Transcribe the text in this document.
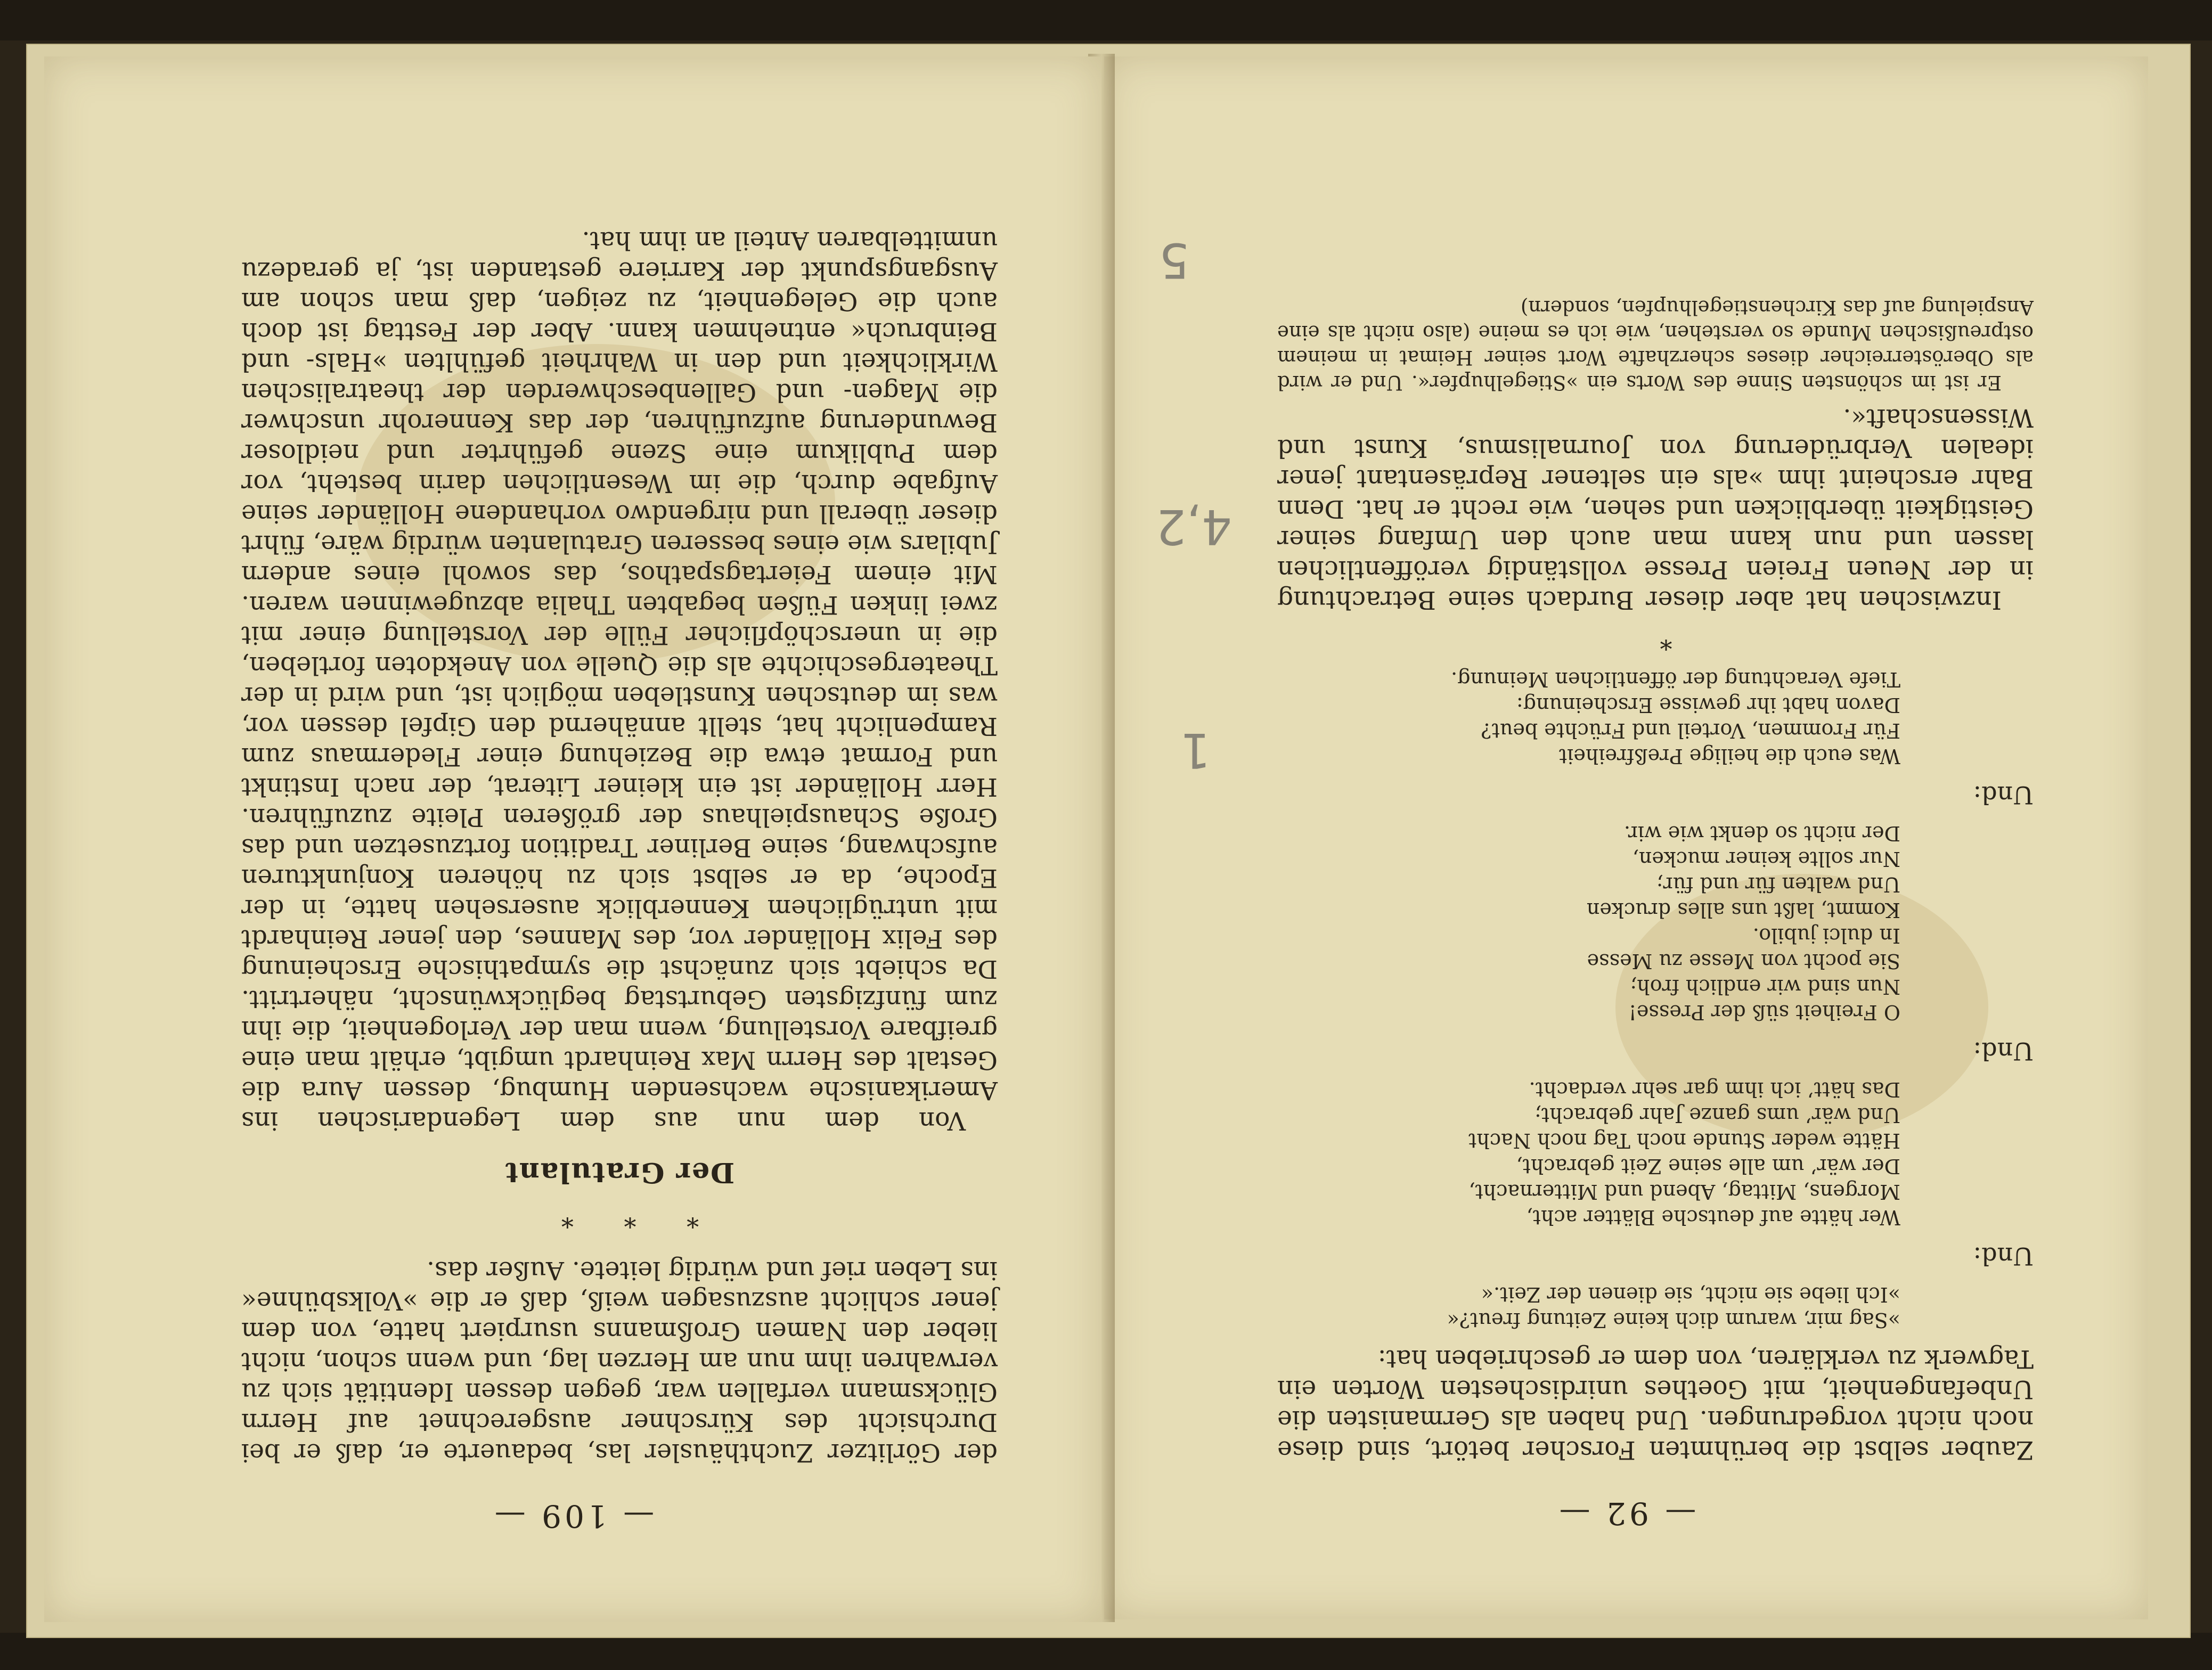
— 92 —

Zauber selbst die berühmten Forscher betört, sind diese noch nicht vorgedrungen. Und haben als Germanisten die Unbefangenheit, mit Goethes unirdischesten Worten ein Tagwerk zu verklären, von dem er geschrieben hat:

»Sag mir, warum dich keine Zeitung freut?«
»Ich liebe sie nicht, sie dienen der Zeit.«
Und:
Wer hätte auf deutsche Blätter acht,
Morgens, Mittag, Abend und Mitternacht,
Der wär’ um alle seine Zeit gebracht,
Hätte weder Stunde noch Tag noch Nacht
Und wär’ ums ganze Jahr gebracht;
Das hätt’ ich ihm gar sehr verdacht.
Und:
O Freiheit süß der Presse!
Nun sind wir endlich froh;
Sie pocht von Messe zu Messe
In dulci jubilo.
Kommt, laßt uns alles drucken
Und walten für und für;
Nur sollte keiner mucken,
Der nicht so denkt wie wir.
Und:
Was euch die heilige Preßfreiheit
Für Frommen, Vorteil und Früchte beut?
Davon habt ihr gewisse Erscheinung:
Tiefe Verachtung der öffentlichen Meinung.
*

Inzwischen hat aber dieser Burdach seine Betrachtung in der Neuen Freien Presse vollständig veröffentlichen lassen und nun kann man auch den Umfang seiner Geistigkeit überblicken und sehen, wie recht er hat. Denn Bahr erscheint ihm »als ein seltener Repräsentant jener idealen Verbrüderung von Journalismus, Kunst und Wissenschaft«.

Er ist im schönsten Sinne des Worts ein »Stiegelhupfer«. Und er wird als Oberösterreicher dieses scherzhafte Wort seiner Heimat in meinem ostpreußischen Munde so verstehen, wie ich es meine (also nicht als eine Anspielung auf das Kirchenstiegelhupfen, sondern)

4,2
1
5
— 109 —

der Görlitzer Zuchthäusler las, bedauerte er, daß er bei Durchsicht des Kürschner ausgerechnet auf Herrn Glücksmann verfallen war, gegen dessen Identität sich zu verwahren ihm nun am Herzen lag, und wenn schon, nicht lieber den Namen Großmanns usurpiert hatte, von dem jener schlicht auszusagen weiß, daß er die »Volksbühne« ins Leben rief und würdig leitete. Außer das.

* * *
Der Gratulant

Von dem nun aus dem Legendarischen ins Amerikanische wachsenden Humbug, dessen Aura die Gestalt des Herrn Max Reinhardt umgibt, erhält man eine greifbare Vorstellung, wenn man der Verlogenheit, die ihn zum fünfzigsten Geburtstag beglückwünscht, nähertritt. Da schiebt sich zunächst die sympathische Erscheinung des Felix Holländer vor, des Mannes, den jener Reinhardt mit untrüglichem Kennerblick ausersehen hatte, in der Epoche, da er selbst sich zu höheren Konjunkturen aufschwang, seine Berliner Tradition fortzusetzen und das Große Schauspielhaus der größeren Pleite zuzuführen. Herr Holländer ist ein kleiner Literat, der nach Instinkt und Format etwa die Beziehung einer Fledermaus zum Rampenlicht hat, stellt annähernd den Gipfel dessen vor, was im deutschen Kunstleben möglich ist, und wird in der Theatergeschichte als die Quelle von Anekdoten fortleben, die in unerschöpflicher Fülle der Vorstellung einer mit zwei linken Füßen begabten Thalia abzugewinnen waren. Mit einem Feiertagspathos, das sowohl eines andern Jubilars wie eines besseren Gratulanten würdig wäre, führt dieser überall und nirgendwo vorhandene Holländer seine Aufgabe durch, die im Wesentlichen darin besteht, vor dem Publikum eine Szene geführter und neidloser Bewunderung aufzuführen, der das Kennerohr unschwer die Magen- und Gallenbeschwerden der theatralischen Wirklichkeit und den in Wahrheit gefühlten »Hals- und Beinbruch« entnehmen kann. Aber der Festtag ist doch auch die Gelegenheit, zu zeigen, daß man schon am Ausgangspunkt der Karriere gestanden ist, ja geradezu unmittelbaren Anteil an ihm hat.
